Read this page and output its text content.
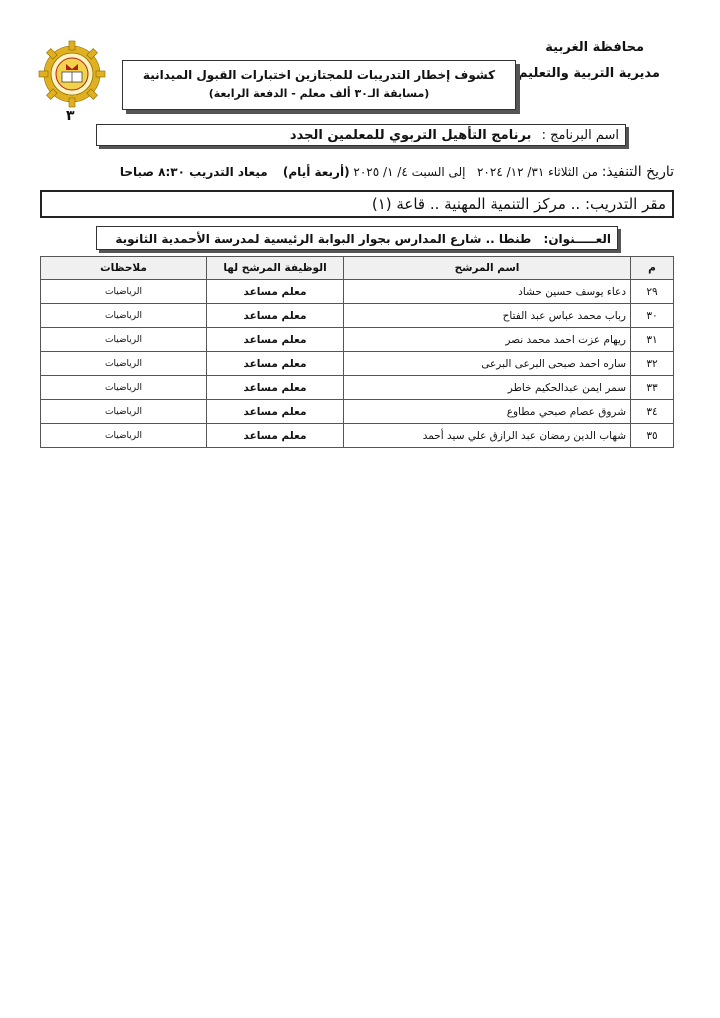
محافظة الغربية
مديرية التربية والتعليم
كشوف إخطار التدريبات للمجتازين اختبارات القبول الميدانية
(مسابقة الـ٣٠ ألف معلم - الدفعة الرابعة)
٣
اسم البرنامج : برنامج التأهيل التربوي للمعلمين الجدد
تاريخ التنفيذ: من الثلاثاء ٣١/ ١٢/ ٢٠٢٤   إلى السبت ٤/ ١/ ٢٠٢٥ (أربعة أيام)    ميعاد التدريب ٨:٣٠ صباحا
مقر التدريب: .. مركز التنمية المهنية .. قاعة (١)
العـــــنوان: طنطا .. شارع المدارس بجوار البوابة الرئيسية لمدرسة الأحمدية الثانوية
م	اسم المرشح	الوظيفة المرشح لها	ملاحظات
٢٩	دعاء يوسف حسين حشاد	معلم مساعد	الرياضيات
٣٠	رباب محمد عباس عبد الفتاح	معلم مساعد	الرياضيات
٣١	ريهام عزت احمد محمد نصر	معلم مساعد	الرياضيات
٣٢	ساره احمد صبحى البرعى البرعى	معلم مساعد	الرياضيات
٣٣	سمر ايمن عبدالحكيم خاطر	معلم مساعد	الرياضيات
٣٤	شروق عصام صبحي مطاوع	معلم مساعد	الرياضيات
٣٥	شهاب الدين رمضان عبد الرازق علي سيد أحمد	معلم مساعد	الرياضيات
